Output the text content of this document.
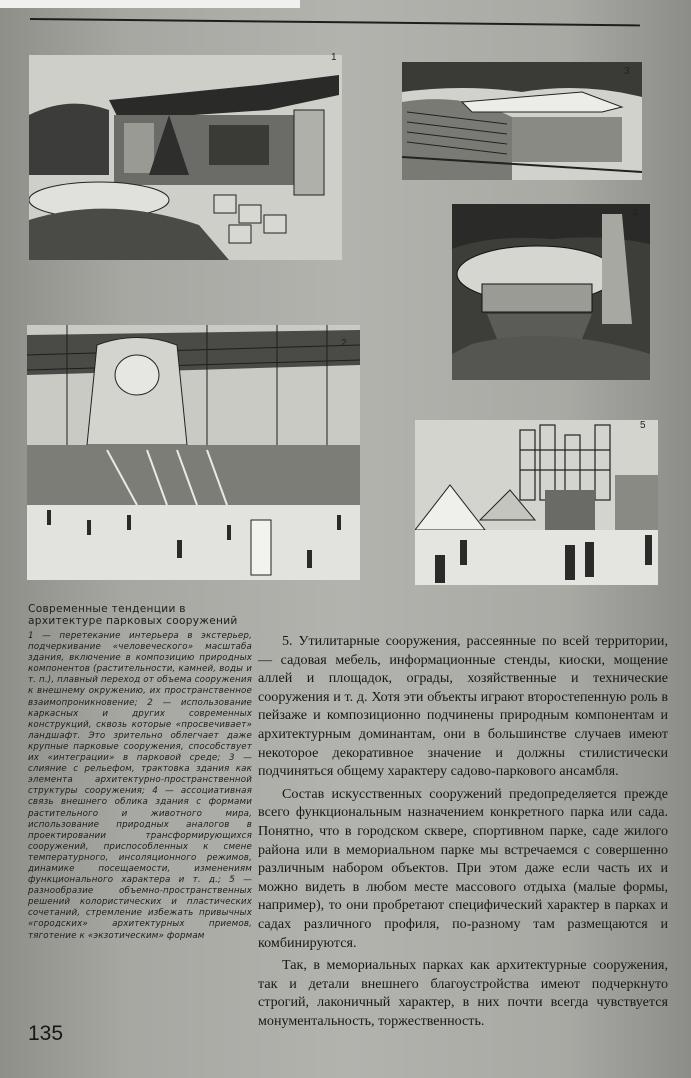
1
3
4
2
5
Современные тенденции в архитектуре парковых сооружений
1 — перетекание интерьера в экстерьер, подчеркивание «человеческого» масштаба здания, включение в композицию природных компонентов (растительности, камней, воды и т. п.), плавный переход от объема сооружения к внешнему окружению, их пространственное взаимопроникновение; 2 — использование каркасных и других современных конструкций, сквозь которые «просвечивает» ландшафт. Это зрительно облегчает даже крупные парковые сооружения, способствует их «интеграции» в парковой среде; 3 — слияние с рельефом, трактовка здания как элемента архитектурно-пространственной структуры сооружения; 4 — ассоциативная связь внешнего облика здания с формами растительного и животного мира, использование природных аналогов в проектировании трансформирующихся сооружений, приспособленных к смене температурного, инсоляционного режимов, динамике посещаемости, изменениям функционального характера и т. д.; 5 — разнообразие объемно-пространственных решений колористических и пластических сочетаний, стремление избежать привычных «городских» архитектурных приемов, тяготение к «экзотическим» формам

5. Утилитарные сооружения, рассеянные по всей территории, — садовая мебель, информационные стенды, киоски, мощение аллей и площадок, ограды, хозяйственные и технические сооружения и т. д. Хотя эти объекты играют второстепенную роль в пейзаже и композиционно подчинены природным компонентам и архитектурным доминантам, они в большинстве случаев имеют некоторое декоративное значение и должны стилистически подчиняться общему характеру садово-паркового ансамбля.

Состав искусственных сооружений предопределяется прежде всего функциональным назначением конкретного парка или сада. Понятно, что в городском сквере, спортивном парке, саде жилого района или в мемориальном парке мы встречаемся с совершенно различным набором объектов. При этом даже если часть их и можно видеть в любом месте массового отдыха (малые формы, например), то они пробретают специфический характер в парках и садах различного профиля, по-разному там размещаются и комбинируются.

Так, в мемориальных парках как архитектурные сооружения, так и детали внешнего благоустройства имеют подчеркнуто строгий, лаконичный характер, в них почти всегда чувствуется монументальность, торжественность.

135
